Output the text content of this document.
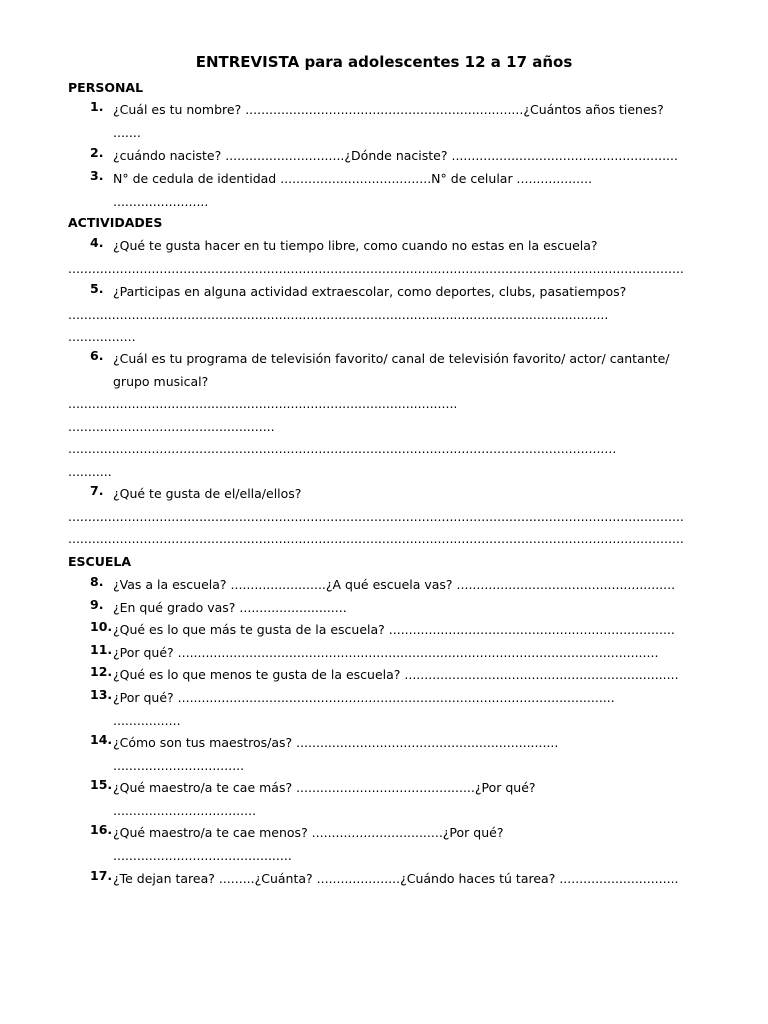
ENTREVISTA para adolescentes 12 a 17 años
PERSONAL
1. ¿Cuál es tu nombre? ......................................................................¿Cuántos años tienes?
.......
2. ¿cuándo naciste? ..............................¿Dónde naciste? .........................................................
3. N° de cedula de identidad ......................................N° de celular ...................
........................
ACTIVIDADES
4. ¿Qué te gusta hacer en tu tiempo libre, como cuando no estas en la escuela?
...........................................................................................................................................................
5. ¿Participas en alguna actividad extraescolar, como deportes, clubs, pasatiempos?
........................................................................................................................................
.................
6. ¿Cuál es tu programa de televisión favorito/ canal de televisión favorito/ actor/ cantante/
grupo musical?
..................................................................................................
....................................................
..........................................................................................................................................
...........
7. ¿Qué te gusta de el/ella/ellos?
...........................................................................................................................................................
...........................................................................................................................................................
ESCUELA
8. ¿Vas a la escuela? ........................¿A qué escuela vas? .......................................................
9. ¿En qué grado vas? ...........................
10. ¿Qué es lo que más te gusta de la escuela? ........................................................................
11. ¿Por qué? .........................................................................................................................
12. ¿Qué es lo que menos te gusta de la escuela? .....................................................................
13. ¿Por qué? ..............................................................................................................
.................
14. ¿Cómo son tus maestros/as? ..................................................................
.................................
15. ¿Qué maestro/a te cae más? .............................................¿Por qué?
....................................
16. ¿Qué maestro/a te cae menos? .................................¿Por qué?
.............................................
17. ¿Te dejan tarea? .........¿Cuánta? .....................¿Cuándo haces tú tarea? ..............................
